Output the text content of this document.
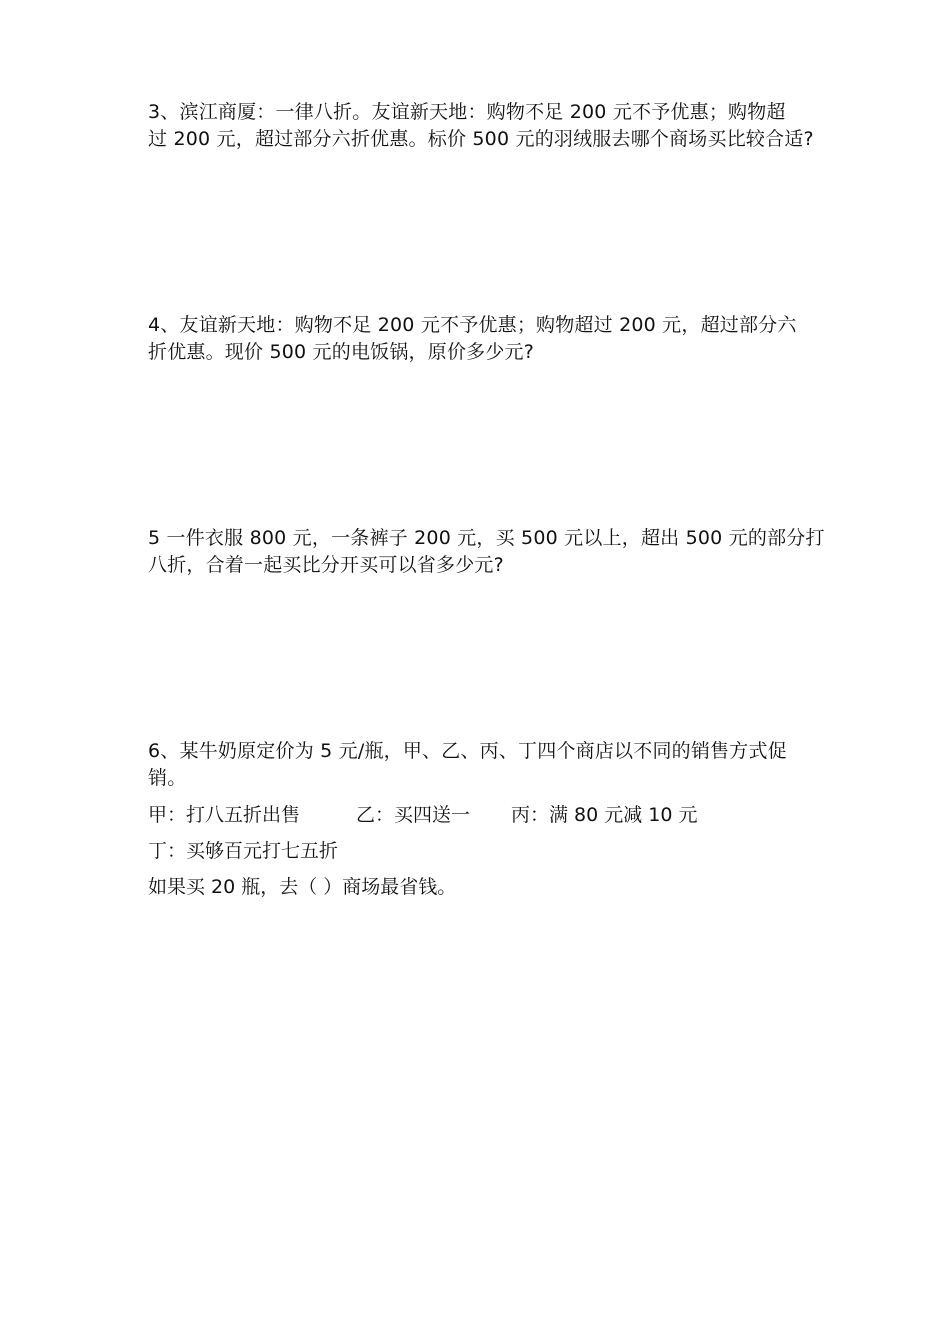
3、滨江商厦：一律八折。友谊新天地：购物不足 200 元不予优惠；购物超
过 200 元，超过部分六折优惠。标价 500 元的羽绒服去哪个商场买比较合适?
4、友谊新天地：购物不足 200 元不予优惠；购物超过 200 元，超过部分六
折优惠。现价 500 元的电饭锅，原价多少元?
5 一件衣服 800 元，一条裤子 200 元，买 500 元以上，超出 500 元的部分打
八折，合着一起买比分开买可以省多少元?
6、某牛奶原定价为 5 元/瓶，甲、乙、丙、丁四个商店以不同的销售方式促
销。
甲：打八五折出售	乙：买四送一 丙：满 80 元减 10 元
丁：买够百元打七五折
如果买 20 瓶，去（ ）商场最省钱。
